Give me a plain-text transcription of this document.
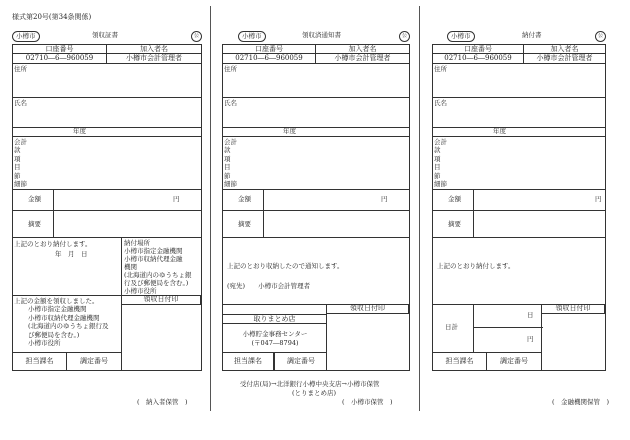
様式第20号(第34条関係)
小樽市	領収証書	公
口座番号	加入者名
02710―6―960059	小樽市会計管理者
住所
氏名
年度
会計
款
項
目
節
細節
金額	円
摘要
上記のとおり納付します。
年　月　日
納付場所
小樽市指定金融機関
小樽市収納代理金融
機関
(北海道内のゆうちょ銀
行及び郵便局を含む。)
小樽市役所
上記の金額を領収しました。
小樽市指定金融機関
小樽市収納代理金融機関
(北海道内のゆうちょ銀行及
び郵便局を含む。)
小樽市役所
領収日付印
担当課名	調定番号
(　納入者保管　)
小樽市	領収済通知書	公
口座番号	加入者名
02710―6―960059	小樽市会計管理者
住所
氏名
年度
会計
款
項
目
節
細節
金額	円
摘要
上記のとおり収納したので通知します。
(宛先)　　小樽市会計管理者
取りまとめ店
小樽貯金事務センター
(〒047―8794)
担当課名	調定番号
領収日付印
受付店(局)→北洋銀行小樽中央支店→小樽市保管
(とりまとめ店)
(　小樽市保管　)
小樽市	納付書	公
口座番号	加入者名
02710―6―960059	小樽市会計管理者
住所
氏名
年度
会計
款
項
目
節
細節
金額	円
摘要
上記のとおり納付します。
日計
日
円
領収日付印
担当課名	調定番号
(　金融機関保管　)
